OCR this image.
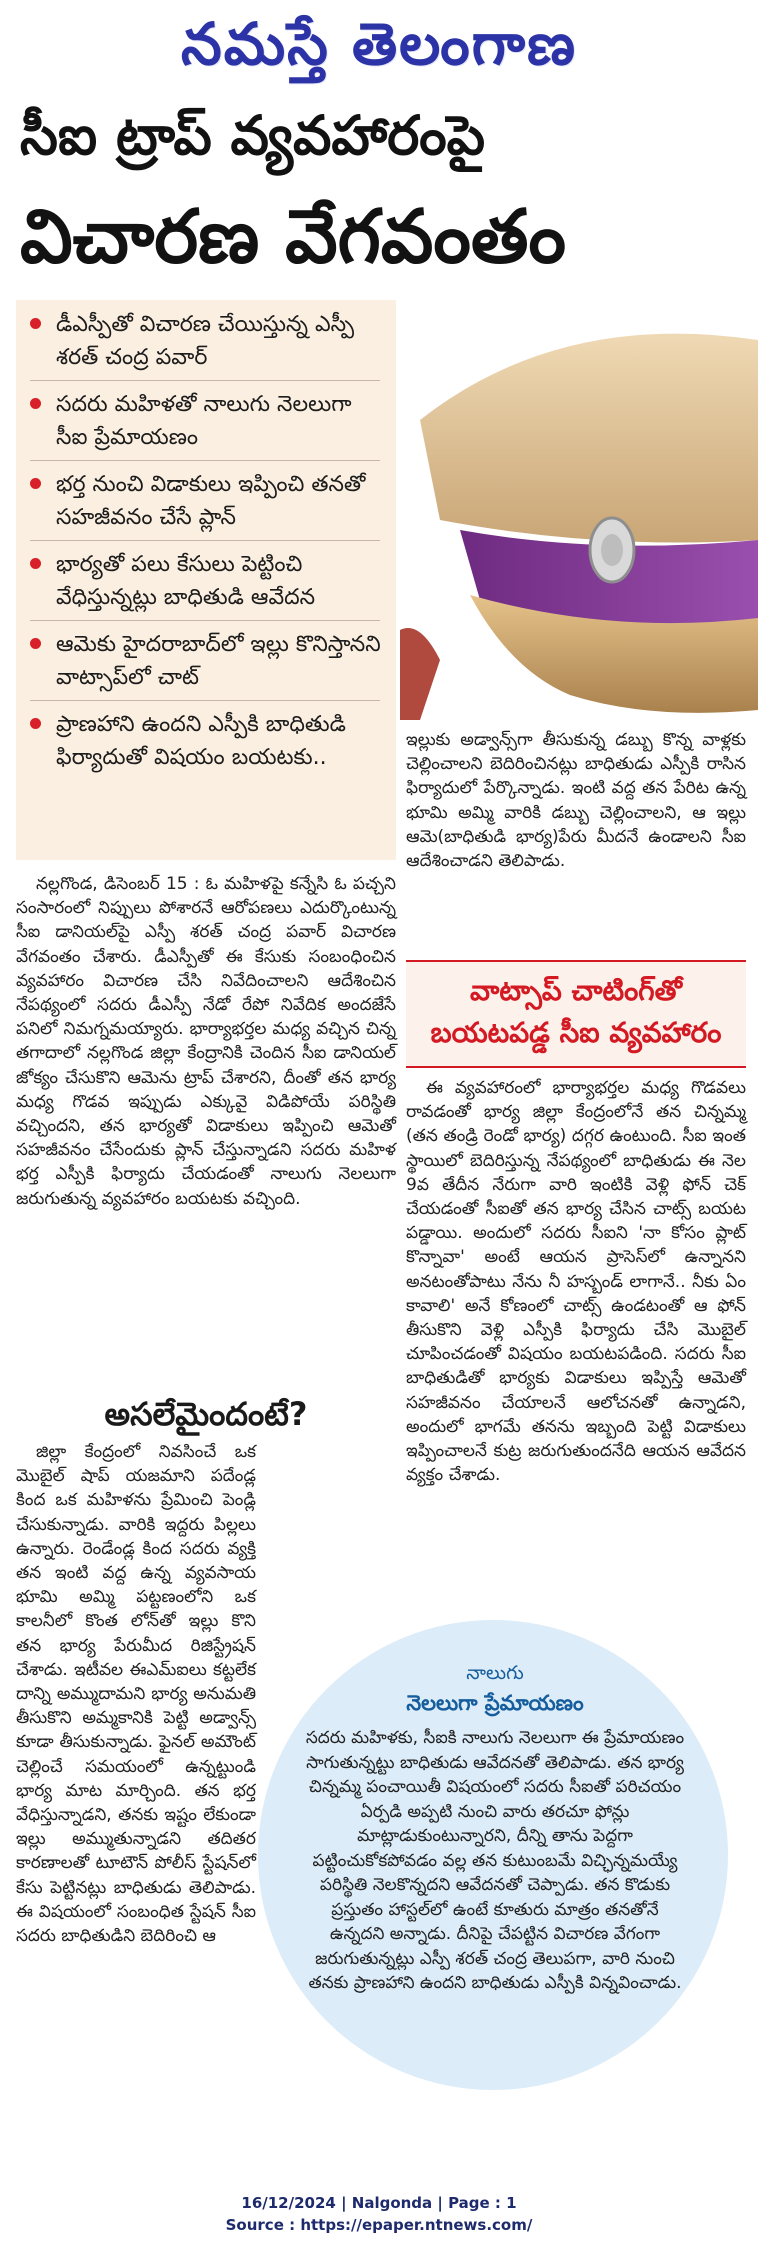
నమస్తే తెలంగాణ
సీఐ ట్రాప్ వ్యవహారంపై
విచారణ వేగవంతం
డీఎస్పీతో విచారణ చేయిస్తున్న ఎస్పీ శరత్ చంద్ర పవార్
సదరు మహిళతో నాలుగు నెలలుగా సీఐ ప్రేమాయణం
భర్త నుంచి విడాకులు ఇప్పించి తనతో సహజీవనం చేసే ప్లాన్
భార్యతో పలు కేసులు పెట్టించి వేధిస్తున్నట్లు బాధితుడి ఆవేదన
ఆమెకు హైదరాబాద్‌లో ఇల్లు కొనిస్తానని వాట్సాప్‌లో చాట్
ప్రాణహాని ఉందని ఎస్పీకి బాధితుడి ఫిర్యాదుతో విషయం బయటకు..

ఇల్లుకు అడ్వాన్స్‌గా తీసుకున్న డబ్బు కొన్న వాళ్లకు చెల్లించాలని బెదిరించినట్లు బాధితుడు ఎస్పీకి రాసిన ఫిర్యాదులో పేర్కొన్నాడు. ఇంటి వద్ద తన పేరిట ఉన్న భూమి అమ్మి వారికి డబ్బు చెల్లించాలని, ఆ ఇల్లు ఆమె(బాధితుడి భార్య)పేరు మీదనే ఉండాలని సీఐ ఆదేశించాడని తెలిపాడు.

వాట్సాప్ చాటింగ్‌తో
బయటపడ్డ సీఐ వ్యవహారం

ఈ వ్యవహారంలో భార్యాభర్తల మధ్య గొడవలు రావడంతో భార్య జిల్లా కేంద్రంలోనే తన చిన్నమ్మ (తన తండ్రి రెండో భార్య) దగ్గర ఉంటుంది. సీఐ ఇంత స్థాయిలో బెదిరిస్తున్న నేపథ్యంలో బాధితుడు ఈ నెల 9వ తేదీన నేరుగా వారి ఇంటికి వెళ్లి ఫోన్ చెక్ చేయడంతో సీఐతో తన భార్య చేసిన చాట్స్ బయట పడ్డాయి. అందులో సదరు సీఐని 'నా కోసం ప్లాట్ కొన్నావా' అంటే ఆయన ప్రాసెస్‌లో ఉన్నానని అనటంతోపాటు నేను నీ హస్బండ్ లాగానే.. నీకు ఏం కావాలి' అనే కోణంలో చాట్స్ ఉండటంతో ఆ ఫోన్ తీసుకొని వెళ్లి ఎస్పీకి ఫిర్యాదు చేసి మొబైల్ చూపించడంతో విషయం బయటపడింది. సదరు సీఐ బాధితుడితో భార్యకు విడాకులు ఇప్పిస్తే ఆమెతో సహజీవనం చేయాలనే ఆలోచనతో ఉన్నాడని, అందులో భాగమే తనను ఇబ్బంది పెట్టి విడాకులు ఇప్పించాలనే కుట్ర జరుగుతుందనేది ఆయన ఆవేదన వ్యక్తం చేశాడు.

నల్లగొండ, డిసెంబర్ 15 : ఓ మహిళపై కన్నేసి ఓ పచ్చని సంసారంలో నిప్పులు పోశారనే ఆరోపణలు ఎదుర్కొంటున్న సీఐ డానియల్‌పై ఎస్పీ శరత్ చంద్ర పవార్ విచారణ వేగవంతం చేశారు. డీఎస్పీతో ఈ కేసుకు సంబంధించిన వ్యవహారం విచారణ చేసి నివేదించాలని ఆదేశించిన నేపథ్యంలో సదరు డీఎస్పీ నేడో రేపో నివేదిక అందజేసే పనిలో నిమగ్నమయ్యారు. భార్యాభర్తల మధ్య వచ్చిన చిన్న తగాదాలో నల్లగొండ జిల్లా కేంద్రానికి చెందిన సీఐ డానియల్ జోక్యం చేసుకొని ఆమెను ట్రాప్ చేశారని, దీంతో తన భార్య మధ్య గొడవ ఇప్పుడు ఎక్కువై విడిపోయే పరిస్థితి వచ్చిందని, తన భార్యతో విడాకులు ఇప్పించి ఆమెతో సహజీవనం చేసేందుకు ప్లాన్ చేస్తున్నాడని సదరు మహిళ భర్త ఎస్పీకి ఫిర్యాదు చేయడంతో నాలుగు నెలలుగా జరుగుతున్న వ్యవహారం బయటకు వచ్చింది.

అసలేమైందంటే?

జిల్లా కేంద్రంలో నివసించే ఒక మొబైల్ షాప్ యజమాని పదేండ్ల కింద ఒక మహిళను ప్రేమించి పెండ్లి చేసుకున్నాడు. వారికి ఇద్దరు పిల్లలు ఉన్నారు. రెండేండ్ల కింద సదరు వ్యక్తి తన ఇంటి వద్ద ఉన్న వ్యవసాయ భూమి అమ్మి పట్టణంలోని ఒక కాలనీలో కొంత లోన్‌తో ఇల్లు కొని తన భార్య పేరుమీద రిజిస్ట్రేషన్ చేశాడు. ఇటీవల ఈఎమ్ఐలు కట్టలేక దాన్ని అమ్ముదామని భార్య అనుమతి తీసుకొని అమ్మకానికి పెట్టి అడ్వాన్స్ కూడా తీసుకున్నాడు. ఫైనల్ అమౌంట్ చెల్లించే సమయంలో ఉన్నట్టుండి భార్య మాట మార్చింది. తన భర్త వేధిస్తున్నాడని, తనకు ఇష్టం లేకుండా ఇల్లు అమ్ముతున్నాడని తదితర కారణాలతో టూటౌన్ పోలీస్ స్టేషన్‌లో కేసు పెట్టినట్లు బాధితుడు తెలిపాడు. ఈ విషయంలో సంబంధిత స్టేషన్ సీఐ సదరు బాధితుడిని బెదిరించి ఆ

నాలుగు
నెలలుగా ప్రేమాయణం
సదరు మహిళకు, సీఐకి నాలుగు నెలలుగా ఈ ప్రేమాయణం సాగుతున్నట్టు బాధితుడు ఆవేదనతో తెలిపాడు. తన భార్య చిన్నమ్మ పంచాయితీ విషయంలో సదరు సీఐతో పరిచయం ఏర్పడి అప్పటి నుంచి వారు తరచూ ఫోన్లు మాట్లాడుకుంటున్నారని, దీన్ని తాను పెద్దగా పట్టించుకోకపోవడం వల్ల తన కుటుంబమే విచ్ఛిన్నమయ్యే పరిస్థితి నెలకొన్నదని ఆవేదనతో చెప్పాడు. తన కొడుకు ప్రస్తుతం హాస్టల్‌లో ఉంటే కూతురు మాత్రం తనతోనే ఉన్నదని అన్నాడు. దీనిపై చేపట్టిన విచారణ వేగంగా జరుగుతున్నట్లు ఎస్పీ శరత్ చంద్ర తెలుపగా, వారి నుంచి తనకు ప్రాణహాని ఉందని బాధితుడు ఎస్పీకి విన్నవించాడు.
16/12/2024 | Nalgonda | Page : 1
Source : https://epaper.ntnews.com/
